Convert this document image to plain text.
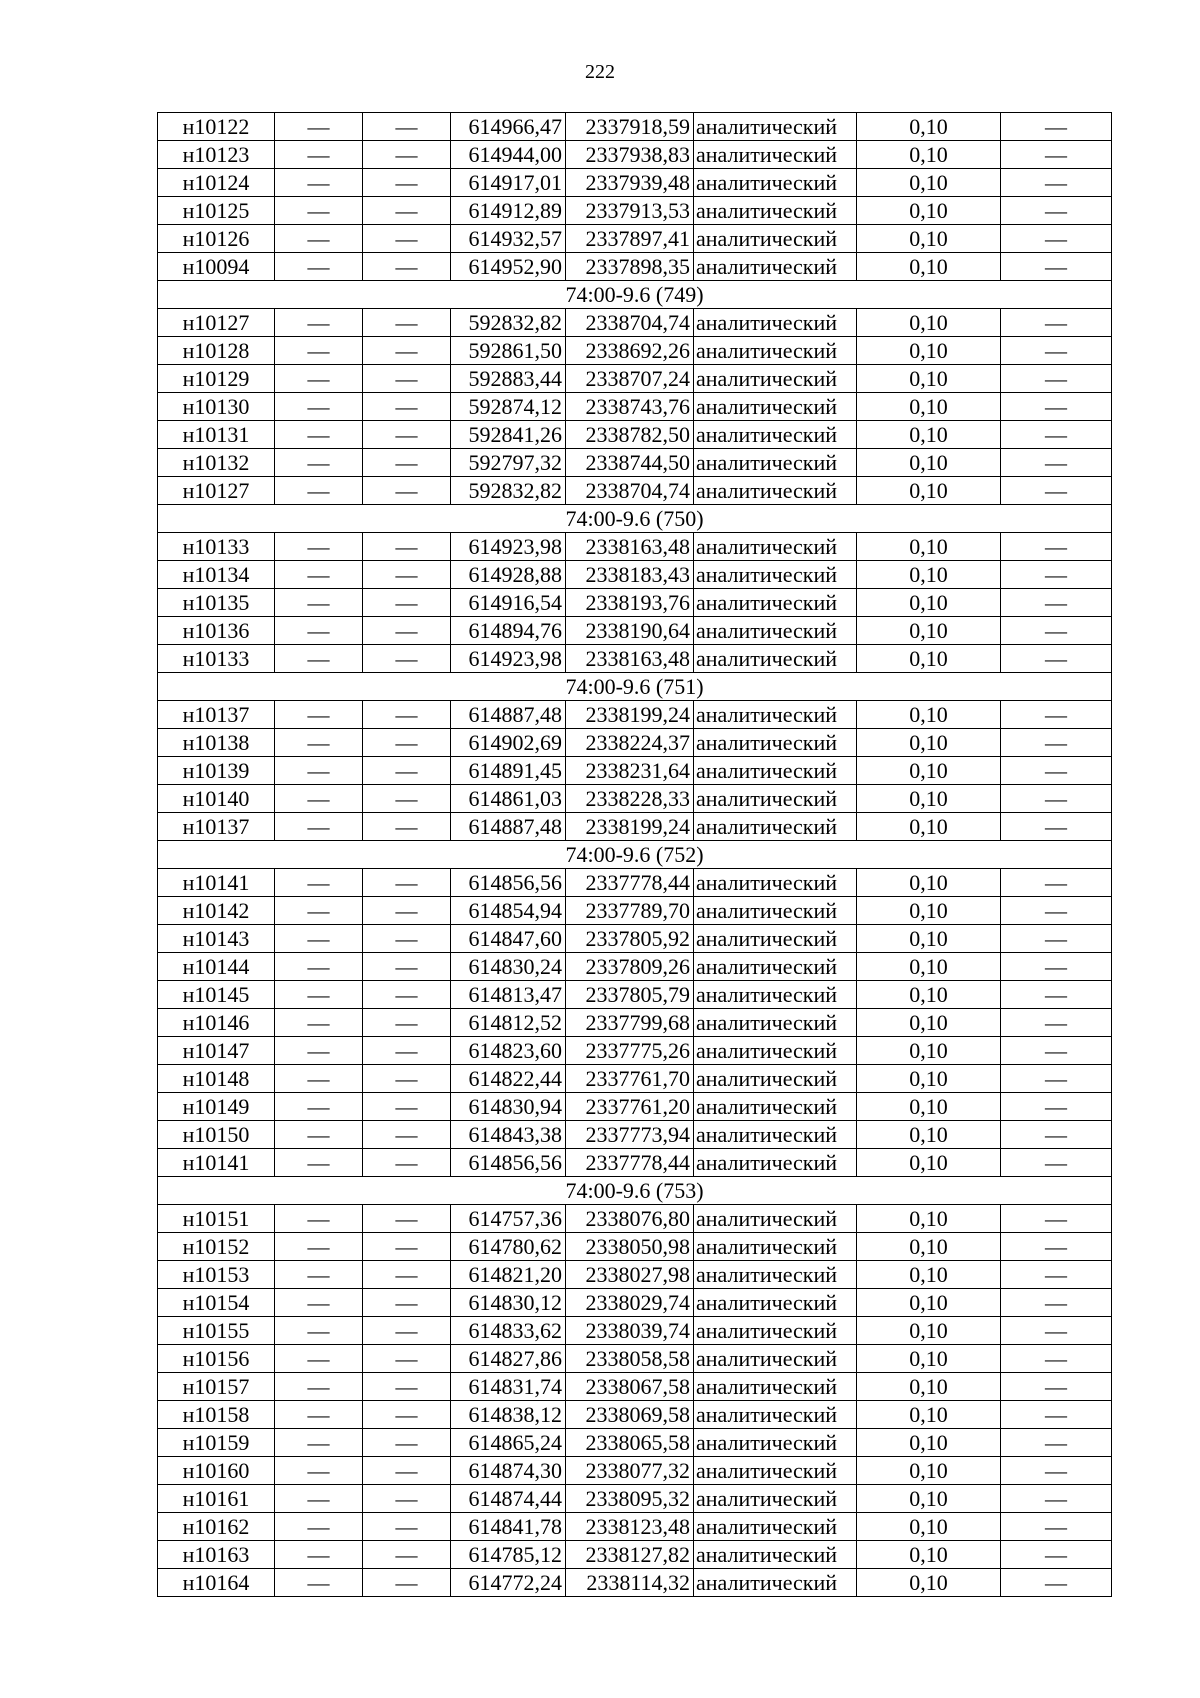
222
н10122	—	—	614966,47	2337918,59	аналитический	0,10	—
н10123	—	—	614944,00	2337938,83	аналитический	0,10	—
н10124	—	—	614917,01	2337939,48	аналитический	0,10	—
н10125	—	—	614912,89	2337913,53	аналитический	0,10	—
н10126	—	—	614932,57	2337897,41	аналитический	0,10	—
н10094	—	—	614952,90	2337898,35	аналитический	0,10	—
74:00-9.6 (749)							
н10127	—	—	592832,82	2338704,74	аналитический	0,10	—
н10128	—	—	592861,50	2338692,26	аналитический	0,10	—
н10129	—	—	592883,44	2338707,24	аналитический	0,10	—
н10130	—	—	592874,12	2338743,76	аналитический	0,10	—
н10131	—	—	592841,26	2338782,50	аналитический	0,10	—
н10132	—	—	592797,32	2338744,50	аналитический	0,10	—
н10127	—	—	592832,82	2338704,74	аналитический	0,10	—
74:00-9.6 (750)							
н10133	—	—	614923,98	2338163,48	аналитический	0,10	—
н10134	—	—	614928,88	2338183,43	аналитический	0,10	—
н10135	—	—	614916,54	2338193,76	аналитический	0,10	—
н10136	—	—	614894,76	2338190,64	аналитический	0,10	—
н10133	—	—	614923,98	2338163,48	аналитический	0,10	—
74:00-9.6 (751)							
н10137	—	—	614887,48	2338199,24	аналитический	0,10	—
н10138	—	—	614902,69	2338224,37	аналитический	0,10	—
н10139	—	—	614891,45	2338231,64	аналитический	0,10	—
н10140	—	—	614861,03	2338228,33	аналитический	0,10	—
н10137	—	—	614887,48	2338199,24	аналитический	0,10	—
74:00-9.6 (752)							
н10141	—	—	614856,56	2337778,44	аналитический	0,10	—
н10142	—	—	614854,94	2337789,70	аналитический	0,10	—
н10143	—	—	614847,60	2337805,92	аналитический	0,10	—
н10144	—	—	614830,24	2337809,26	аналитический	0,10	—
н10145	—	—	614813,47	2337805,79	аналитический	0,10	—
н10146	—	—	614812,52	2337799,68	аналитический	0,10	—
н10147	—	—	614823,60	2337775,26	аналитический	0,10	—
н10148	—	—	614822,44	2337761,70	аналитический	0,10	—
н10149	—	—	614830,94	2337761,20	аналитический	0,10	—
н10150	—	—	614843,38	2337773,94	аналитический	0,10	—
н10141	—	—	614856,56	2337778,44	аналитический	0,10	—
74:00-9.6 (753)							
н10151	—	—	614757,36	2338076,80	аналитический	0,10	—
н10152	—	—	614780,62	2338050,98	аналитический	0,10	—
н10153	—	—	614821,20	2338027,98	аналитический	0,10	—
н10154	—	—	614830,12	2338029,74	аналитический	0,10	—
н10155	—	—	614833,62	2338039,74	аналитический	0,10	—
н10156	—	—	614827,86	2338058,58	аналитический	0,10	—
н10157	—	—	614831,74	2338067,58	аналитический	0,10	—
н10158	—	—	614838,12	2338069,58	аналитический	0,10	—
н10159	—	—	614865,24	2338065,58	аналитический	0,10	—
н10160	—	—	614874,30	2338077,32	аналитический	0,10	—
н10161	—	—	614874,44	2338095,32	аналитический	0,10	—
н10162	—	—	614841,78	2338123,48	аналитический	0,10	—
н10163	—	—	614785,12	2338127,82	аналитический	0,10	—
н10164	—	—	614772,24	2338114,32	аналитический	0,10	—
